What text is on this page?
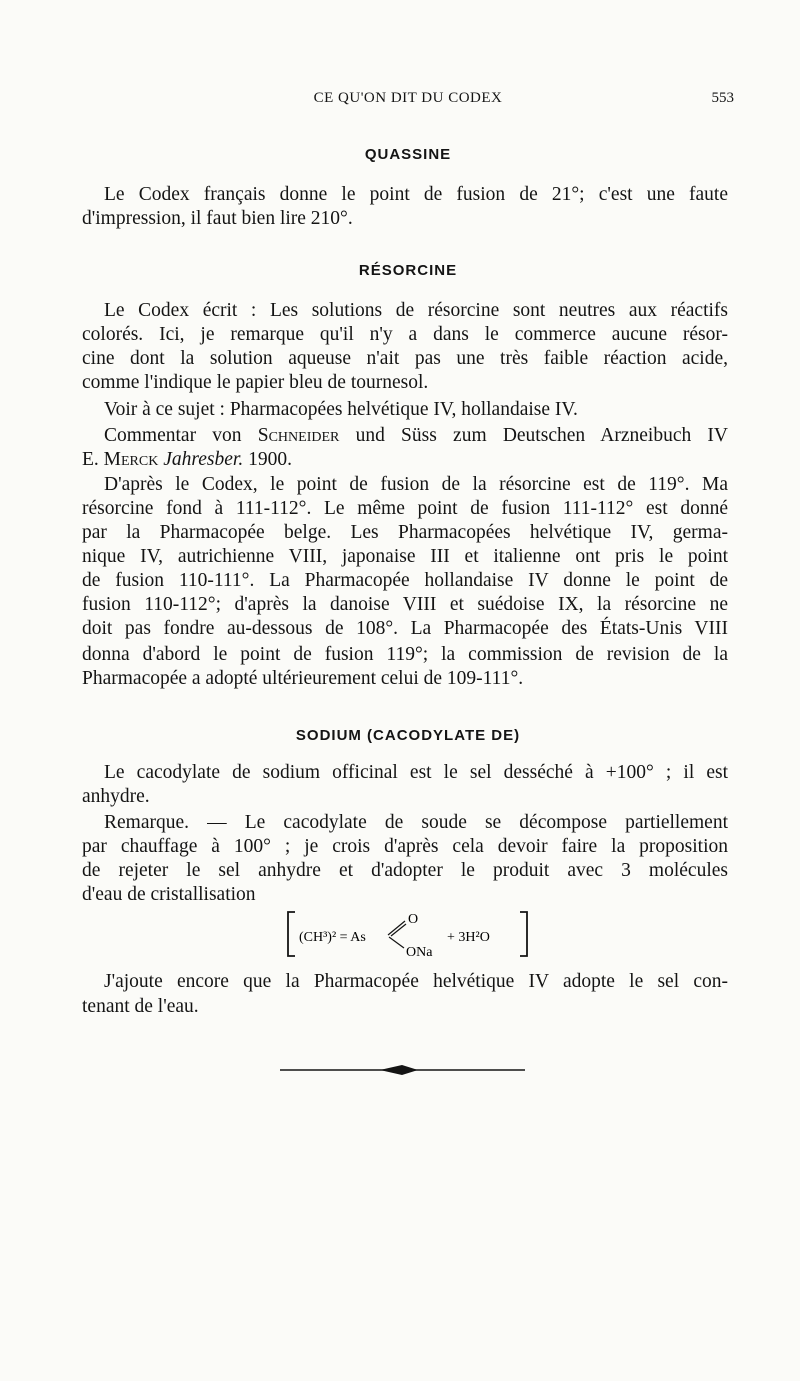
CE QU'ON DIT DU CODEX	553
QUASSINE
Le Codex français donne le point de fusion de 21°; c'est une faute
d'impression, il faut bien lire 210°.
RÉSORCINE
Le Codex écrit : Les solutions de résorcine sont neutres aux réactifs
colorés. Ici, je remarque qu'il n'y a dans le commerce aucune résor-
cine dont la solution aqueuse n'ait pas une très faible réaction acide,
comme l'indique le papier bleu de tournesol.
Voir à ce sujet : Pharmacopées helvétique IV, hollandaise IV.
Commentar von Schneider und Süss zum Deutschen Arzneibuch IV
E. Merck Jahresber. 1900.
D'après le Codex, le point de fusion de la résorcine est de 119°. Ma
résorcine fond à 111-112°. Le même point de fusion 111-112° est donné
par la Pharmacopée belge. Les Pharmacopées helvétique IV, germa-
nique IV, autrichienne VIII, japonaise III et italienne ont pris le point
de fusion 110-111°. La Pharmacopée hollandaise IV donne le point de
fusion 110-112°; d'après la danoise VIII et suédoise IX, la résorcine ne
doit pas fondre au-dessous de 108°. La Pharmacopée des États-Unis VIII
donna d'abord le point de fusion 119°; la commission de revision de la
Pharmacopée a adopté ultérieurement celui de 109-111°.
SODIUM (CACODYLATE DE)
Le cacodylate de sodium officinal est le sel desséché à +100° ; il est
anhydre.
Remarque. — Le cacodylate de soude se décompose partiellement
par chauffage à 100° ; je crois d'après cela devoir faire la proposition
de rejeter le sel anhydre et d'adopter le produit avec 3 molécules
d'eau de cristallisation
(CH³)² = As
O
ONa
+ 3H²O
J'ajoute encore que la Pharmacopée helvétique IV adopte le sel con-
tenant de l'eau.
